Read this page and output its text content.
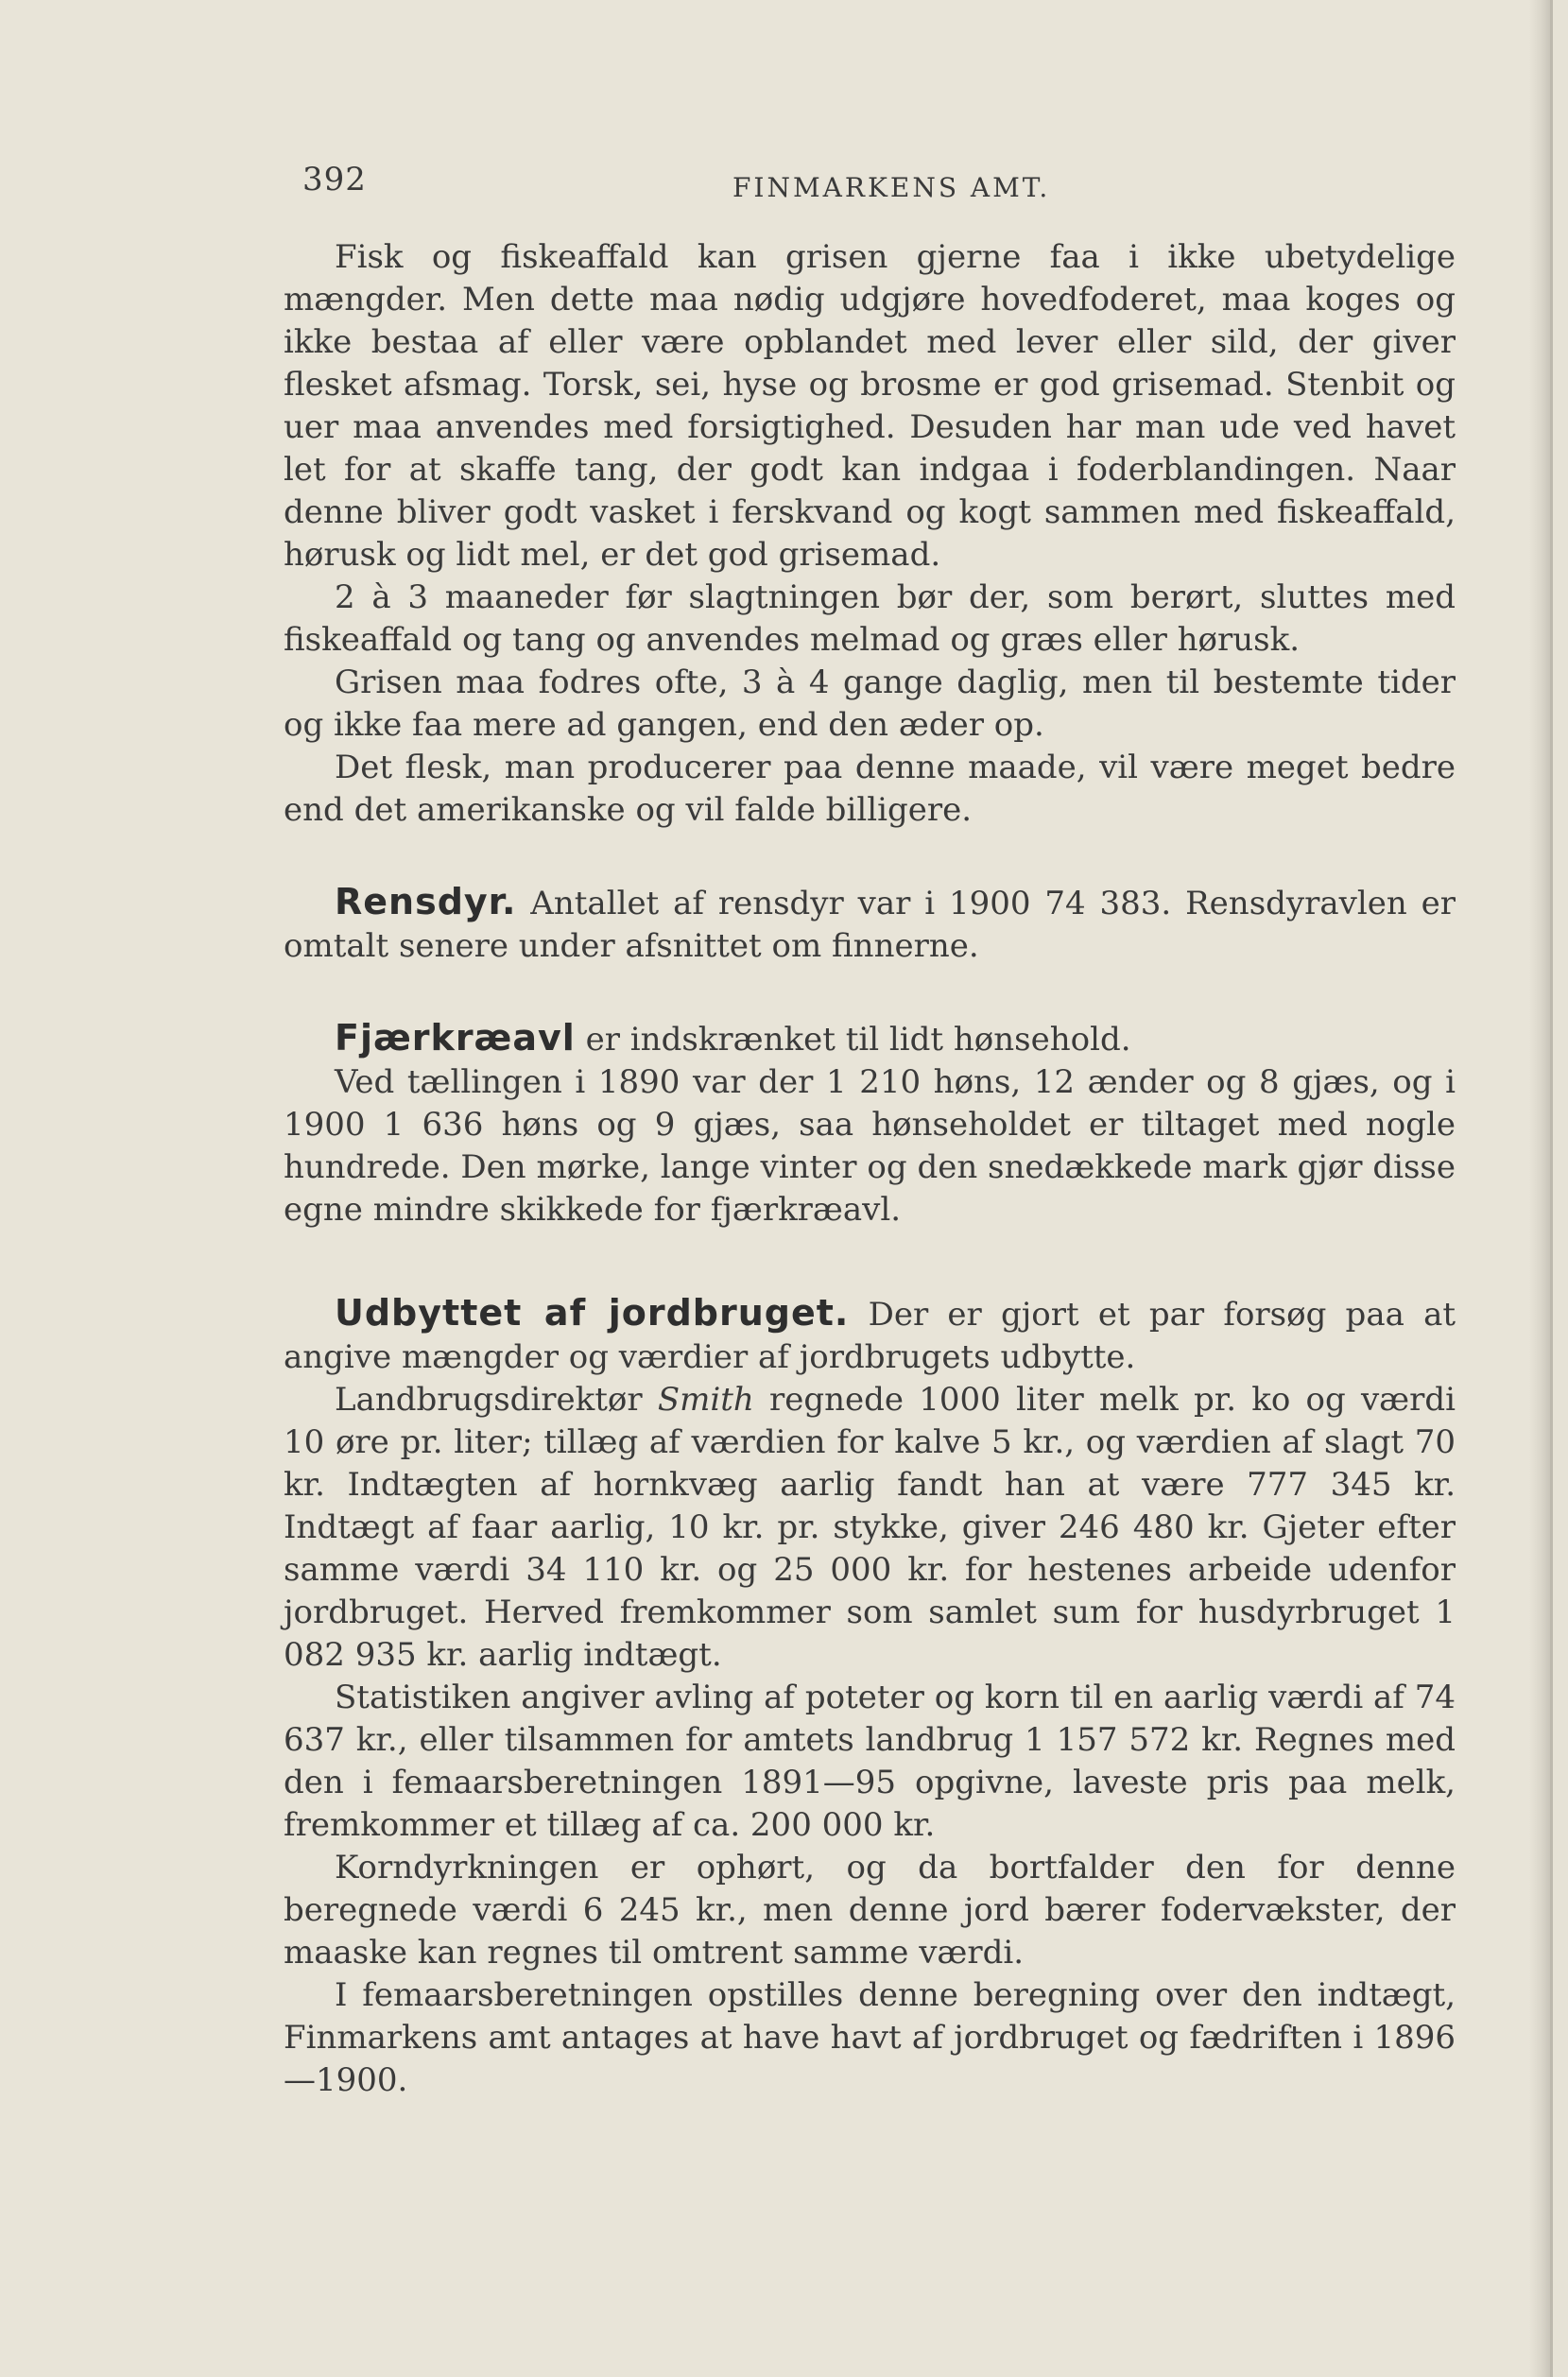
392	FINMARKENS AMT.

Fisk og fiskeaffald kan grisen gjerne faa i ikke ubetydelige mængder. Men dette maa nødig udgjøre hovedfoderet, maa koges og ikke bestaa af eller være opblandet med lever eller sild, der giver flesket afsmag. Torsk, sei, hyse og brosme er god grisemad. Stenbit og uer maa anvendes med forsigtighed. Desuden har man ude ved havet let for at skaffe tang, der godt kan indgaa i foderblandingen. Naar denne bliver godt vasket i ferskvand og kogt sammen med fiskeaffald, hørusk og lidt mel, er det god grisemad.

2 à 3 maaneder før slagtningen bør der, som berørt, sluttes med fiskeaffald og tang og anvendes melmad og græs eller hørusk.

Grisen maa fodres ofte, 3 à 4 gange daglig, men til bestemte tider og ikke faa mere ad gangen, end den æder op.

Det flesk, man producerer paa denne maade, vil være meget bedre end det amerikanske og vil falde billigere.

Rensdyr. Antallet af rensdyr var i 1900 74 383. Rensdyravlen er omtalt senere under afsnittet om finnerne.

Fjærkræavl er indskrænket til lidt hønsehold.

Ved tællingen i 1890 var der 1 210 høns, 12 ænder og 8 gjæs, og i 1900 1 636 høns og 9 gjæs, saa hønseholdet er tiltaget med nogle hundrede. Den mørke, lange vinter og den snedækkede mark gjør disse egne mindre skikkede for fjærkræavl.

Udbyttet af jordbruget. Der er gjort et par forsøg paa at angive mængder og værdier af jordbrugets udbytte.

Landbrugsdirektør Smith regnede 1000 liter melk pr. ko og værdi 10 øre pr. liter; tillæg af værdien for kalve 5 kr., og værdien af slagt 70 kr. Indtægten af hornkvæg aarlig fandt han at være 777 345 kr. Indtægt af faar aarlig, 10 kr. pr. stykke, giver 246 480 kr. Gjeter efter samme værdi 34 110 kr. og 25 000 kr. for hestenes arbeide udenfor jordbruget. Herved fremkommer som samlet sum for husdyrbruget 1 082 935 kr. aarlig indtægt.

Statistiken angiver avling af poteter og korn til en aarlig værdi af 74 637 kr., eller tilsammen for amtets landbrug 1 157 572 kr. Regnes med den i femaarsberetningen 1891—95 opgivne, laveste pris paa melk, fremkommer et tillæg af ca. 200 000 kr.

Korndyrkningen er ophørt, og da bortfalder den for denne beregnede værdi 6 245 kr., men denne jord bærer fodervækster, der maaske kan regnes til omtrent samme værdi.

I femaarsberetningen opstilles denne beregning over den indtægt, Finmarkens amt antages at have havt af jordbruget og fædriften i 1896—1900.
